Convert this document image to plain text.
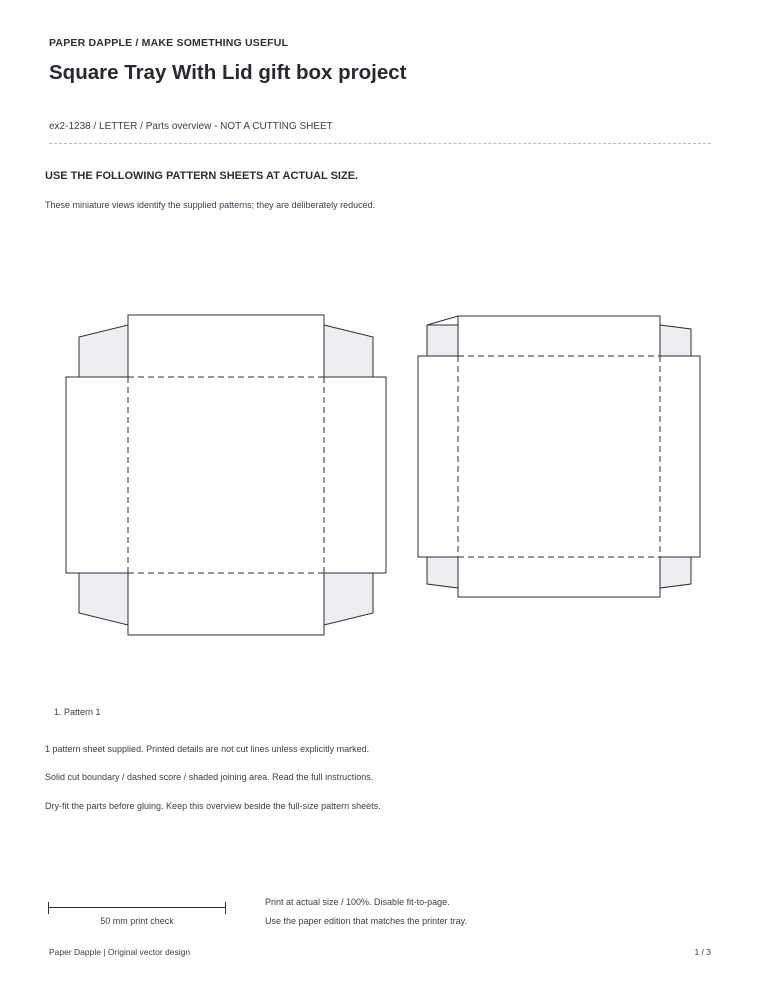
PAPER DAPPLE / MAKE SOMETHING USEFUL
Square Tray With Lid gift box project
ex2-1238 / LETTER / Parts overview - NOT A CUTTING SHEET
USE THE FOLLOWING PATTERN SHEETS AT ACTUAL SIZE.
These miniature views identify the supplied patterns; they are deliberately reduced.
1. Pattern 1
1 pattern sheet supplied. Printed details are not cut lines unless explicitly marked.
Solid cut boundary / dashed score / shaded joining area. Read the full instructions.
Dry-fit the parts before gluing. Keep this overview beside the full-size pattern sheets.
50 mm print check
Print at actual size / 100%. Disable fit-to-page.
Use the paper edition that matches the printer tray.
Paper Dapple | Original vector design	1 / 3
